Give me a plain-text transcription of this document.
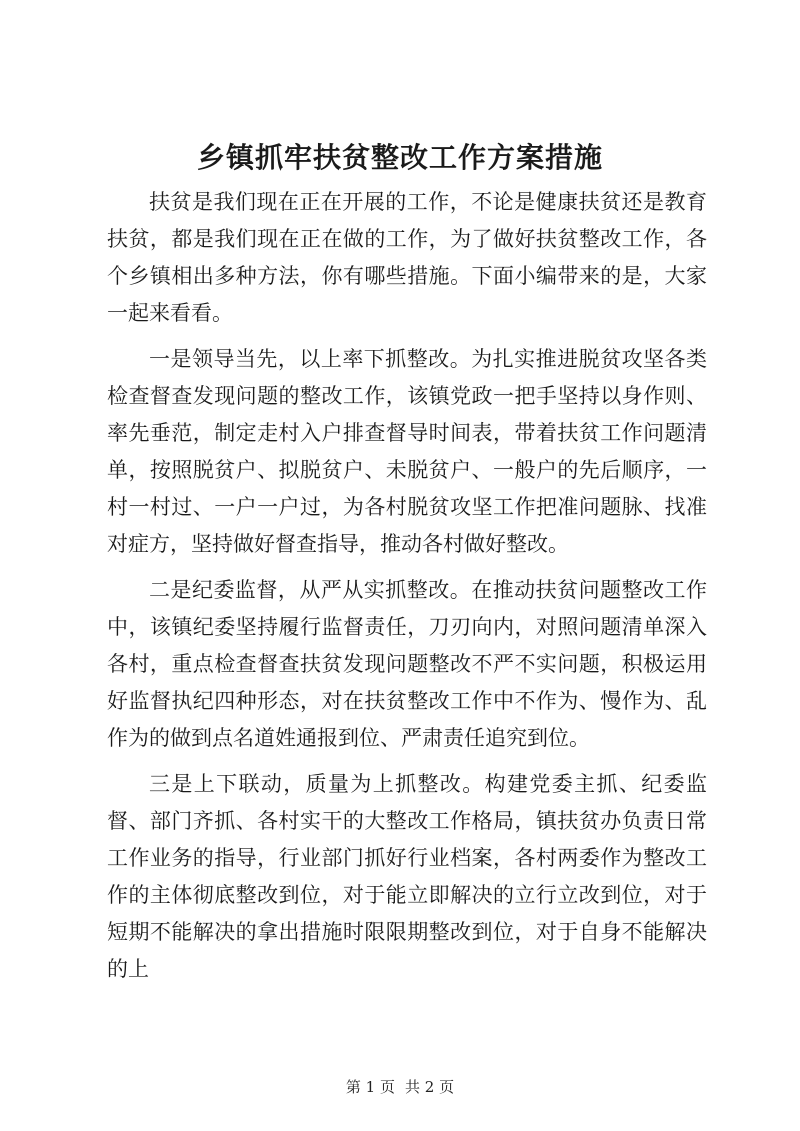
乡镇抓牢扶贫整改工作方案措施

扶贫是我们现在正在开展的工作，不论是健康扶贫还是教育扶贫，都是我们现在正在做的工作，为了做好扶贫整改工作，各个乡镇相出多种方法，你有哪些措施。下面小编带来的是，大家一起来看看。

一是领导当先，以上率下抓整改。为扎实推进脱贫攻坚各类检查督查发现问题的整改工作，该镇党政一把手坚持以身作则、率先垂范，制定走村入户排查督导时间表，带着扶贫工作问题清单，按照脱贫户、拟脱贫户、未脱贫户、一般户的先后顺序，一村一村过、一户一户过，为各村脱贫攻坚工作把准问题脉、找准对症方，坚持做好督查指导，推动各村做好整改。

二是纪委监督，从严从实抓整改。在推动扶贫问题整改工作中，该镇纪委坚持履行监督责任，刀刃向内，对照问题清单深入各村，重点检查督查扶贫发现问题整改不严不实问题，积极运用好监督执纪四种形态，对在扶贫整改工作中不作为、慢作为、乱作为的做到点名道姓通报到位、严肃责任追究到位。

三是上下联动，质量为上抓整改。构建党委主抓、纪委监督、部门齐抓、各村实干的大整改工作格局，镇扶贫办负责日常工作业务的指导，行业部门抓好行业档案，各村两委作为整改工作的主体彻底整改到位，对于能立即解决的立行立改到位，对于短期不能解决的拿出措施时限限期整改到位，对于自身不能解决的上

第 1 页 共 2 页
